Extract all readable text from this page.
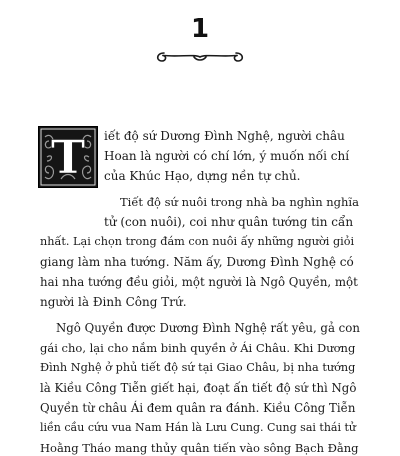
1
T iết độ sứ Dương Đình Nghệ, người châu
Hoan là người có chí lớn, ý muốn nối chí
của Khúc Hạo, dựng nền tự chủ.
Tiết độ sứ nuôi trong nhà ba nghìn nghĩa
tử (con nuôi), coi như quân tướng tin cẩn
nhất. Lại chọn trong đám con nuôi ấy những người giỏi
giang làm nha tướng. Năm ấy, Dương Đình Nghệ có
hai nha tướng đều giỏi, một người là Ngô Quyền, một
người là Đinh Công Trứ.
Ngô Quyền được Dương Đình Nghệ rất yêu, gả con
gái cho, lại cho nắm binh quyền ở Ái Châu. Khi Dương
Đình Nghệ ở phủ tiết độ sứ tại Giao Châu, bị nha tướng
là Kiều Công Tiễn giết hại, đoạt ấn tiết độ sứ thì Ngô
Quyền từ châu Ái đem quân ra đánh. Kiều Công Tiễn
liền cầu cứu vua Nam Hán là Lưu Cung. Cung sai thái tử
Hoằng Tháo mang thủy quân tiến vào sông Bạch Đằng
